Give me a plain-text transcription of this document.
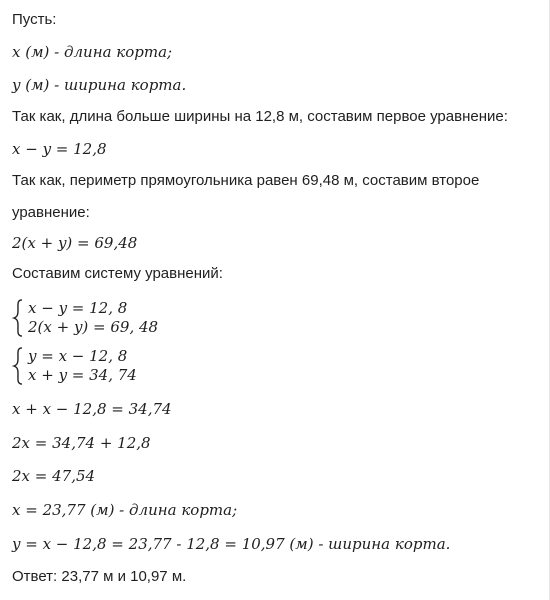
Пусть:
x (м) - длина корта;
y (м) - ширина корта.
Так как, длина больше ширины на 12,8 м, составим первое уравнение:
x − y = 12,8
Так как, периметр прямоугольника равен 69,48 м, составим второе
уравнение:
2(x + y) = 69,48
Составим систему уравнений:
x − y = 12, 8
2(x + y) = 69, 48
y = x − 12, 8
x + y = 34, 74
x + x − 12,8 = 34,74
2x = 34,74 + 12,8
2x = 47,54
x = 23,77 (м) - длина корта;
y = x − 12,8 = 23,77 - 12,8 = 10,97 (м) - ширина корта.
Ответ: 23,77 м и 10,97 м.
